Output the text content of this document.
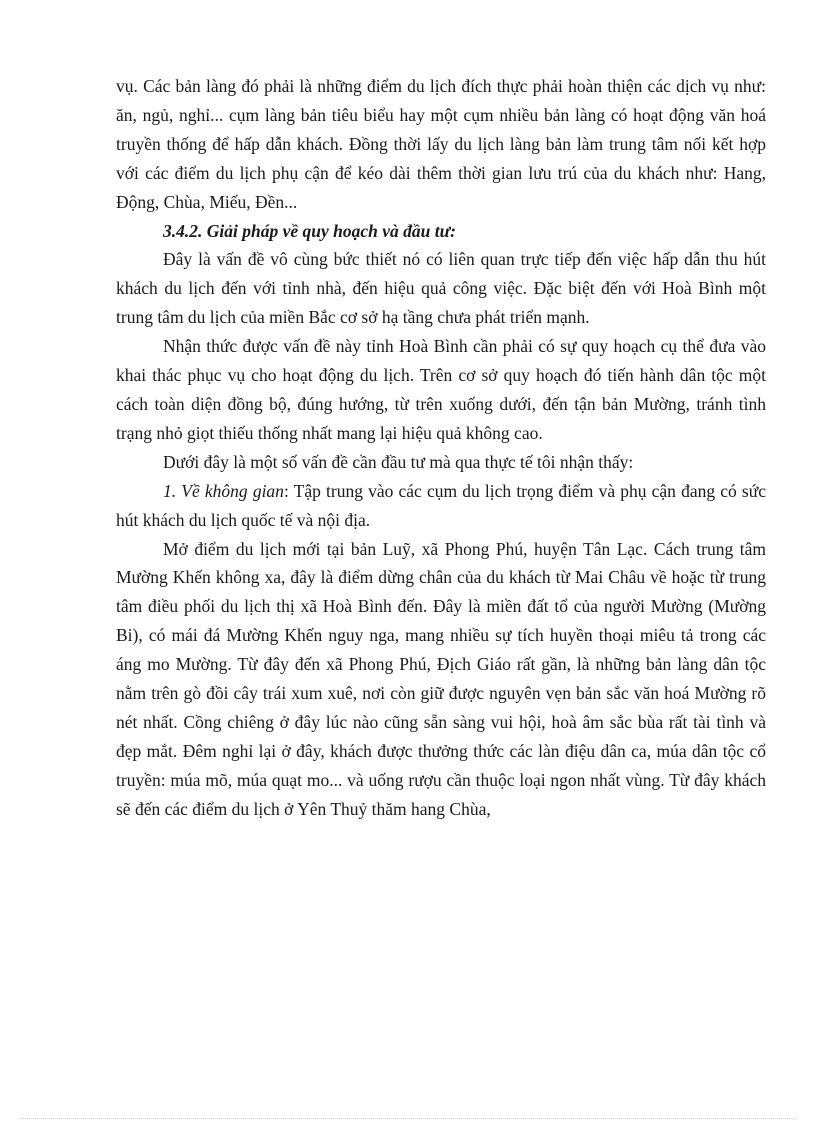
vụ. Các bản làng đó phải là những điểm du lịch đích thực phải hoàn thiện các dịch vụ như: ăn, ngủ, nghỉ... cụm làng bản tiêu biểu hay một cụm nhiều bản làng có hoạt động văn hoá truyền thống để hấp dẫn khách. Đồng thời lấy du lịch làng bản làm trung tâm nối kết hợp với các điểm du lịch phụ cận để kéo dài thêm thời gian lưu trú của du khách như: Hang, Động, Chùa, Miếu, Đền...

3.4.2. Giải pháp về quy hoạch và đầu tư:

Đây là vấn đề vô cùng bức thiết nó có liên quan trực tiếp đến việc hấp dẫn thu hút khách du lịch đến với tỉnh nhà, đến hiệu quả công việc. Đặc biệt đến với Hoà Bình một trung tâm du lịch của miền Bắc cơ sở hạ tầng chưa phát triển mạnh.

Nhận thức được vấn đề này tỉnh Hoà Bình cần phải có sự quy hoạch cụ thể đưa vào khai thác phục vụ cho hoạt động du lịch. Trên cơ sở quy hoạch đó tiến hành dân tộc một cách toàn diện đồng bộ, đúng hướng, từ trên xuống dưới, đến tận bản Mường, tránh tình trạng nhỏ giọt thiếu thống nhất mang lại hiệu quả không cao.

Dưới đây là một số vấn đề cần đầu tư mà qua thực tế tôi nhận thấy:

1. Về không gian: Tập trung vào các cụm du lịch trọng điểm và phụ cận đang có sức hút khách du lịch quốc tế và nội địa.

Mở điểm du lịch mới tại bản Luỹ, xã Phong Phú, huyện Tân Lạc. Cách trung tâm Mường Khến không xa, đây là điểm dừng chân của du khách từ Mai Châu về hoặc từ trung tâm điều phối du lịch thị xã Hoà Bình đến. Đây là miền đất tổ của người Mường (Mường Bi), có mái đá Mường Khến nguy nga, mang nhiều sự tích huyền thoại miêu tả trong các áng mo Mường. Từ đây đến xã Phong Phú, Địch Giáo rất gần, là những bản làng dân tộc nằm trên gò đồi cây trái xum xuê, nơi còn giữ được nguyên vẹn bản sắc văn hoá Mường rõ nét nhất. Cồng chiêng ở đây lúc nào cũng sẵn sàng vui hội, hoà âm sắc bùa rất tài tình và đẹp mắt. Đêm nghỉ lại ở đây, khách được thưởng thức các làn điệu dân ca, múa dân tộc cổ truyền: múa mõ, múa quạt mo... và uống rượu cần thuộc loại ngon nhất vùng. Từ đây khách sẽ đến các điểm du lịch ở Yên Thuỷ thăm hang Chùa,
